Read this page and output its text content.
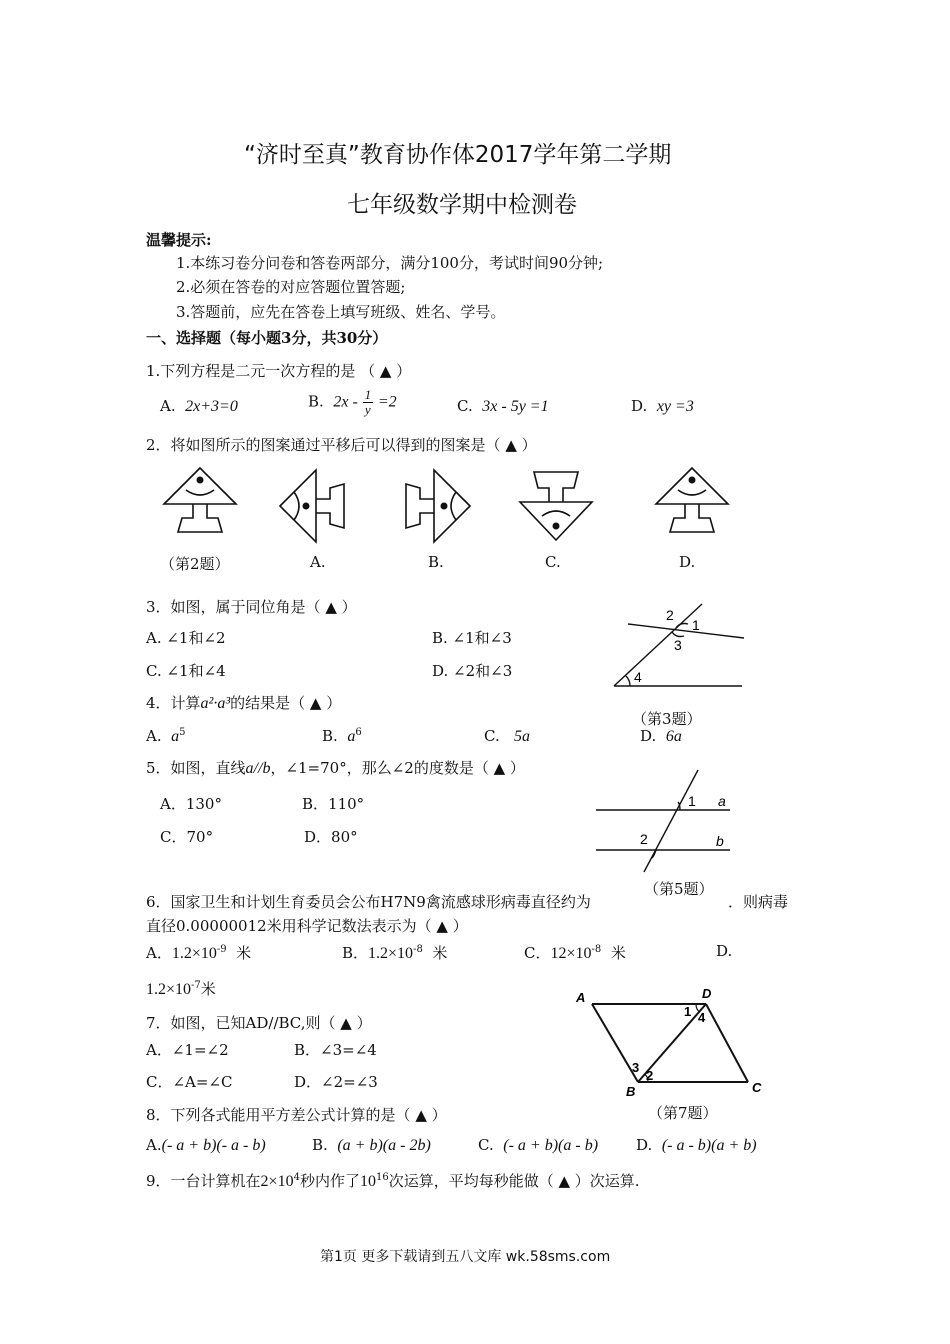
“济时至真”教育协作体2017学年第二学期
七年级数学期中检测卷
温馨提示:
1.本练习卷分问卷和答卷两部分，满分100分，考试时间90分钟;
2.必须在答卷的对应答题位置答题;
3.答题前，应先在答卷上填写班级、姓名、学号。
一、选择题（每小题3分，共30分）
1.下列方程是二元一次方程的是 （ ▲ ）
A. 2x+3=0	B. $2x - \frac{1}{y} =2$	C. 3x - 5y =1	D. xy =3
2．将如图所示的图案通过平移后可以得到的图案是（ ▲ ）
（第2题）	A.	B.	C.	D.
3．如图，属于同位角是（ ▲ ）
A. ∠1和∠2	B. ∠1和∠3
C. ∠1和∠4	D. ∠2和∠3
2
1
3
4
（第3题）
4．计算a²·a³的结果是（ ▲ ）
A. $a^5$	B. $a^6$	C. 5a	D. 6a
5．如图，直线a//b，∠1=70°，那么∠2的度数是（ ▲ ）
A．130°	B．110°
C．70°	D．80°
1 a
2	b
（第5题）
6．国家卫生和计划生育委员会公布H7N9禽流感球形病毒直径约为	．则病毒
直径0.00000012米用科学记数法表示为（ ▲ ）
A．$1.2\times 10^{-9}$ 米	B．$1.2\times 10^{-8}$ 米	C．$12\times 10^{-8}$ 米	D.
$1.2\times 10^{-7}$米
7．如图，已知AD//BC,则（ ▲ ）
A．∠1=∠2	B．∠3=∠4
C．∠A=∠C	D．∠2=∠3
A	D
1 4
3
2
B	C
（第7题）
8．下列各式能用平方差公式计算的是（ ▲ ）
A.(- a + b)(- a - b)	B. (a + b)(a - 2b)	C. (- a + b)(a - b)	D. (- a - b)(a + b)
9．一台计算机在$2\times 10^4$秒内作了$10^{16}$次运算，平均每秒能做（ ▲ ）次运算.
第1页 更多下载请到五八文库 wk.58sms.com
